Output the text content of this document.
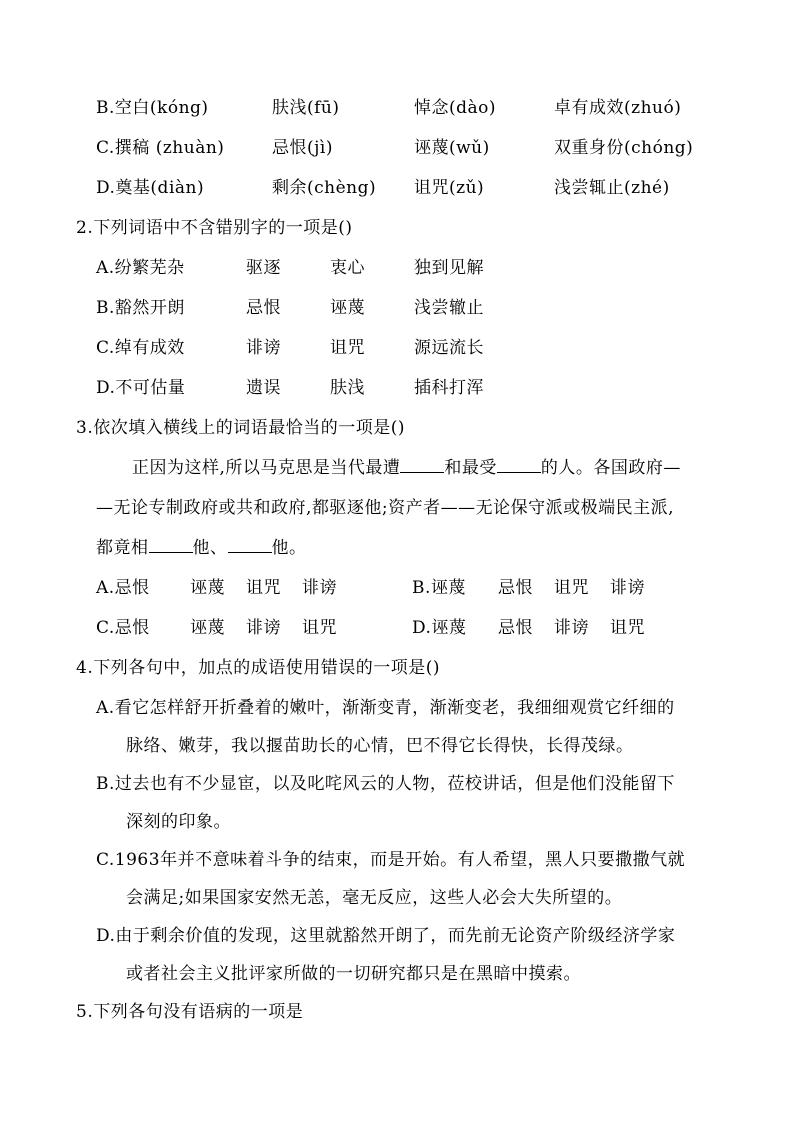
B.空白(kóng)	肤浅(fū)	悼念(dào)	卓有成效(zhuó)
C.撰稿 (zhuàn)	忌恨(jì)	诬蔑(wǔ)	双重身份(chóng)
D.奠基(diàn)	剩余(chèng) 诅咒(zǔ)	浅尝辄止(zhé)
2.下列词语中不含错别字的一项是()
A.纷繁芜杂	驱逐	衷心	独到见解
B.豁然开朗	忌恨	诬蔑	浅尝辙止
C.绰有成效	诽谤	诅咒	源远流长
D.不可估量	遗误	肤浅	插科打浑
3.依次填入横线上的词语最恰当的一项是()
正因为这样,所以马克思是当代最遭	和最受	的人。各国政府—
—无论专制政府或共和政府,都驱逐他;资产者——无论保守派或极端民主派,
都竟相	他、	他。
A.忌恨 诬蔑 诅咒 诽谤	B.诬蔑 忌恨 诅咒 诽谤
C.忌恨 诬蔑 诽谤 诅咒	D.诬蔑 忌恨 诽谤 诅咒
4.下列各句中，加点的成语使用错误的一项是()
A.看它怎样舒开折叠着的嫩叶，渐渐变青，渐渐变老，我细细观赏它纤细的
脉络、嫩芽，我以揠苗助长的心情，巴不得它长得快，长得茂绿。
B.过去也有不少显宦，以及叱咤风云的人物，莅校讲话，但是他们没能留下
深刻的印象。
C.1963年并不意味着斗争的结束，而是开始。有人希望，黑人只要撒撒气就
会满足;如果国家安然无恙，毫无反应，这些人必会大失所望的。
D.由于剩余价值的发现，这里就豁然开朗了，而先前无论资产阶级经济学家
或者社会主义批评家所做的一切研究都只是在黑暗中摸索。
5.下列各句没有语病的一项是
